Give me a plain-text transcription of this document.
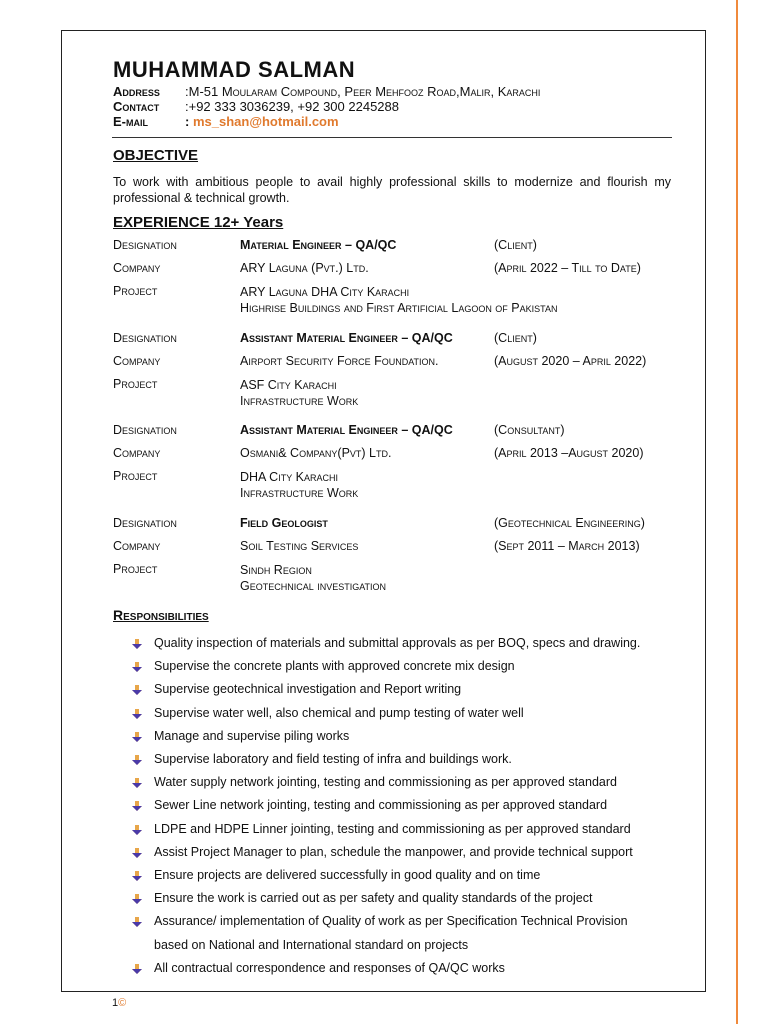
MUHAMMAD SALMAN
Address	:M-51 Moularam Compound, Peer Mehfooz Road,Malir, Karachi
Contact	:+92 333 3036239, +92 300 2245288
E-mail	: ms_shan@hotmail.com
OBJECTIVE
To work with ambitious people to avail highly professional skills to modernize and flourish my professional & technical growth.
EXPERIENCE 12+ Years
Designation	Material Engineer – QA/QC	(Client)
Company	ARY Laguna (Pvt.) Ltd.	(April 2022 – Till to Date)
Project	ARY Laguna DHA City Karachi
Highrise Buildings and First Artificial Lagoon of Pakistan
Designation	Assistant Material Engineer – QA/QC	(Client)
Company	Airport Security Force Foundation.	(August 2020 – April 2022)
Project	ASF City Karachi
Infrastructure Work
Designation	Assistant Material Engineer – QA/QC	(Consultant)
Company	Osmani& Company(Pvt) Ltd.	(April 2013 –August 2020)
Project	DHA City Karachi
Infrastructure Work
Designation	Field Geologist	(Geotechnical Engineering)
Company	Soil Testing Services	(Sept 2011 – March 2013)
Project	Sindh Region
Geotechnical investigation
Responsibilities
Quality inspection of materials and submittal approvals as per BOQ, specs and drawing.
Supervise the concrete plants with approved concrete mix design
Supervise geotechnical investigation and Report writing
Supervise water well, also chemical and pump testing of water well
Manage and supervise piling works
Supervise laboratory and field testing of infra and buildings work.
Water supply network jointing, testing and commissioning as per approved standard
Sewer Line network jointing, testing and commissioning as per approved standard
LDPE and HDPE Linner jointing, testing and commissioning as per approved standard
Assist Project Manager to plan, schedule the manpower, and provide technical support
Ensure projects are delivered successfully in good quality and on time
Ensure the work is carried out as per safety and quality standards of the project
Assurance/ implementation of Quality of work as per Specification Technical Provision
based on National and International standard on projects
All contractual correspondence and responses of QA/QC works
1©
